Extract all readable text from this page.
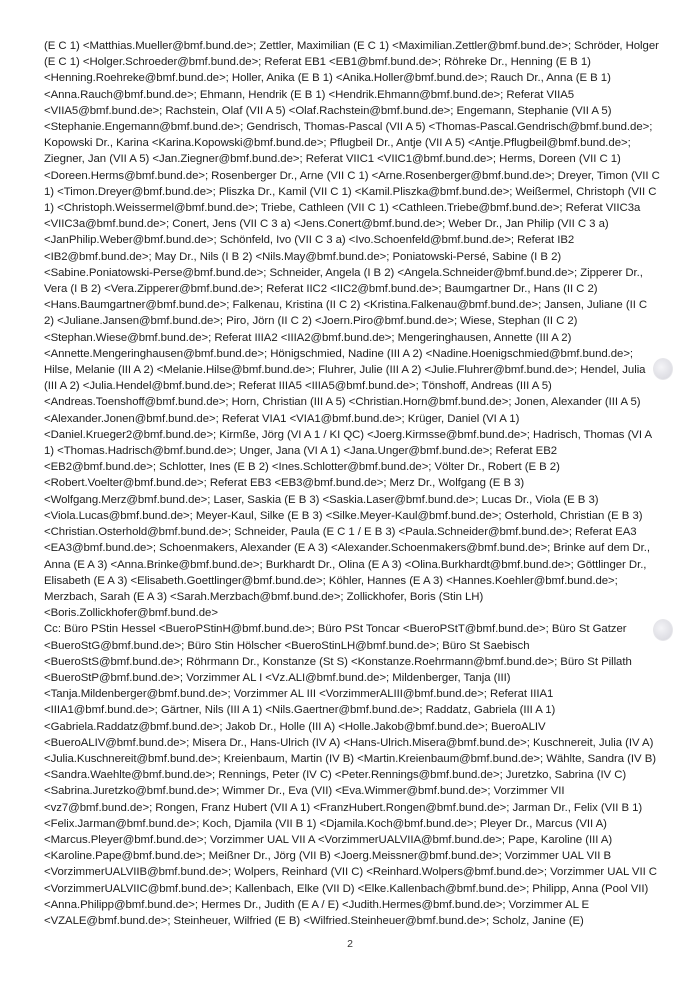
(E C 1) <Matthias.Mueller@bmf.bund.de>; Zettler, Maximilian (E C 1) <Maximilian.Zettler@bmf.bund.de>; Schröder, Holger (E C 1) <Holger.Schroeder@bmf.bund.de>; Referat EB1 <EB1@bmf.bund.de>; Röhreke Dr., Henning (E B 1) <Henning.Roehreke@bmf.bund.de>; Holler, Anika (E B 1) <Anika.Holler@bmf.bund.de>; Rauch Dr., Anna (E B 1) <Anna.Rauch@bmf.bund.de>; Ehmann, Hendrik (E B 1) <Hendrik.Ehmann@bmf.bund.de>; Referat VIIA5 <VIIA5@bmf.bund.de>; Rachstein, Olaf (VII A 5) <Olaf.Rachstein@bmf.bund.de>; Engemann, Stephanie (VII A 5) <Stephanie.Engemann@bmf.bund.de>; Gendrisch, Thomas-Pascal (VII A 5) <Thomas-Pascal.Gendrisch@bmf.bund.de>; Kopowski Dr., Karina <Karina.Kopowski@bmf.bund.de>; Pflugbeil Dr., Antje (VII A 5) <Antje.Pflugbeil@bmf.bund.de>; Ziegner, Jan (VII A 5) <Jan.Ziegner@bmf.bund.de>; Referat VIIC1 <VIIC1@bmf.bund.de>; Herms, Doreen (VII C 1) <Doreen.Herms@bmf.bund.de>; Rosenberger Dr., Arne (VII C 1) <Arne.Rosenberger@bmf.bund.de>; Dreyer, Timon (VII C 1) <Timon.Dreyer@bmf.bund.de>; Pliszka Dr., Kamil (VII C 1) <Kamil.Pliszka@bmf.bund.de>; Weißermel, Christoph (VII C 1) <Christoph.Weissermel@bmf.bund.de>; Triebe, Cathleen (VII C 1) <Cathleen.Triebe@bmf.bund.de>; Referat VIIC3a <VIIC3a@bmf.bund.de>; Conert, Jens (VII C 3 a) <Jens.Conert@bmf.bund.de>; Weber Dr., Jan Philip (VII C 3 a) <JanPhilip.Weber@bmf.bund.de>; Schönfeld, Ivo (VII C 3 a) <Ivo.Schoenfeld@bmf.bund.de>; Referat IB2 <IB2@bmf.bund.de>; May Dr., Nils (I B 2) <Nils.May@bmf.bund.de>; Poniatowski-Persé, Sabine (I B 2) <Sabine.Poniatowski-Perse@bmf.bund.de>; Schneider, Angela (I B 2) <Angela.Schneider@bmf.bund.de>; Zipperer Dr., Vera (I B 2) <Vera.Zipperer@bmf.bund.de>; Referat IIC2 <IIC2@bmf.bund.de>; Baumgartner Dr., Hans (II C 2) <Hans.Baumgartner@bmf.bund.de>; Falkenau, Kristina (II C 2) <Kristina.Falkenau@bmf.bund.de>; Jansen, Juliane (II C 2) <Juliane.Jansen@bmf.bund.de>; Piro, Jörn (II C 2) <Joern.Piro@bmf.bund.de>; Wiese, Stephan (II C 2) <Stephan.Wiese@bmf.bund.de>; Referat IIIA2 <IIIA2@bmf.bund.de>; Mengeringhausen, Annette (III A 2) <Annette.Mengeringhausen@bmf.bund.de>; Hönigschmied, Nadine (III A 2) <Nadine.Hoenigschmied@bmf.bund.de>; Hilse, Melanie (III A 2) <Melanie.Hilse@bmf.bund.de>; Fluhrer, Julie (III A 2) <Julie.Fluhrer@bmf.bund.de>; Hendel, Julia (III A 2) <Julia.Hendel@bmf.bund.de>; Referat IIIA5 <IIIA5@bmf.bund.de>; Tönshoff, Andreas (III A 5) <Andreas.Toenshoff@bmf.bund.de>; Horn, Christian (III A 5) <Christian.Horn@bmf.bund.de>; Jonen, Alexander (III A 5) <Alexander.Jonen@bmf.bund.de>; Referat VIA1 <VIA1@bmf.bund.de>; Krüger, Daniel (VI A 1) <Daniel.Krueger2@bmf.bund.de>; Kirmße, Jörg (VI A 1 / KI QC) <Joerg.Kirmsse@bmf.bund.de>; Hadrisch, Thomas (VI A 1) <Thomas.Hadrisch@bmf.bund.de>; Unger, Jana (VI A 1) <Jana.Unger@bmf.bund.de>; Referat EB2 <EB2@bmf.bund.de>; Schlotter, Ines (E B 2) <Ines.Schlotter@bmf.bund.de>; Völter Dr., Robert (E B 2) <Robert.Voelter@bmf.bund.de>; Referat EB3 <EB3@bmf.bund.de>; Merz Dr., Wolfgang (E B 3) <Wolfgang.Merz@bmf.bund.de>; Laser, Saskia (E B 3) <Saskia.Laser@bmf.bund.de>; Lucas Dr., Viola (E B 3) <Viola.Lucas@bmf.bund.de>; Meyer-Kaul, Silke (E B 3) <Silke.Meyer-Kaul@bmf.bund.de>; Osterhold, Christian (E B 3) <Christian.Osterhold@bmf.bund.de>; Schneider, Paula (E C 1 / E B 3) <Paula.Schneider@bmf.bund.de>; Referat EA3 <EA3@bmf.bund.de>; Schoenmakers, Alexander (E A 3) <Alexander.Schoenmakers@bmf.bund.de>; Brinke auf dem Dr., Anna (E A 3) <Anna.Brinke@bmf.bund.de>; Burkhardt Dr., Olina (E A 3) <Olina.Burkhardt@bmf.bund.de>; Göttlinger Dr., Elisabeth (E A 3) <Elisabeth.Goettlinger@bmf.bund.de>; Köhler, Hannes (E A 3) <Hannes.Koehler@bmf.bund.de>; Merzbach, Sarah (E A 3) <Sarah.Merzbach@bmf.bund.de>; Zollickhofer, Boris (Stin LH) <Boris.Zollickhofer@bmf.bund.de>

Cc: Büro PStin Hessel <BueroPStinH@bmf.bund.de>; Büro PSt Toncar <BueroPStT@bmf.bund.de>; Büro St Gatzer <BueroStG@bmf.bund.de>; Büro Stin Hölscher <BueroStinLH@bmf.bund.de>; Büro St Saebisch <BueroStS@bmf.bund.de>; Röhrmann Dr., Konstanze (St S) <Konstanze.Roehrmann@bmf.bund.de>; Büro St Pillath <BueroStP@bmf.bund.de>; Vorzimmer AL I <Vz.ALI@bmf.bund.de>; Mildenberger, Tanja (III) <Tanja.Mildenberger@bmf.bund.de>; Vorzimmer AL III <VorzimmerALIII@bmf.bund.de>; Referat IIIA1 <IIIA1@bmf.bund.de>; Gärtner, Nils (III A 1) <Nils.Gaertner@bmf.bund.de>; Raddatz, Gabriela (III A 1) <Gabriela.Raddatz@bmf.bund.de>; Jakob Dr., Holle (III A) <Holle.Jakob@bmf.bund.de>; BueroALIV <BueroALIV@bmf.bund.de>; Misera Dr., Hans-Ulrich (IV A) <Hans-Ulrich.Misera@bmf.bund.de>; Kuschnereit, Julia (IV A) <Julia.Kuschnereit@bmf.bund.de>; Kreienbaum, Martin (IV B) <Martin.Kreienbaum@bmf.bund.de>; Wählte, Sandra (IV B) <Sandra.Waehlte@bmf.bund.de>; Rennings, Peter (IV C) <Peter.Rennings@bmf.bund.de>; Juretzko, Sabrina (IV C) <Sabrina.Juretzko@bmf.bund.de>; Wimmer Dr., Eva (VII) <Eva.Wimmer@bmf.bund.de>; Vorzimmer VII <vz7@bmf.bund.de>; Rongen, Franz Hubert (VII A 1) <FranzHubert.Rongen@bmf.bund.de>; Jarman Dr., Felix (VII B 1) <Felix.Jarman@bmf.bund.de>; Koch, Djamila (VII B 1) <Djamila.Koch@bmf.bund.de>; Pleyer Dr., Marcus (VII A) <Marcus.Pleyer@bmf.bund.de>; Vorzimmer UAL VII A <VorzimmerUALVIIA@bmf.bund.de>; Pape, Karoline (III A) <Karoline.Pape@bmf.bund.de>; Meißner Dr., Jörg (VII B) <Joerg.Meissner@bmf.bund.de>; Vorzimmer UAL VII B <VorzimmerUALVIIB@bmf.bund.de>; Wolpers, Reinhard (VII C) <Reinhard.Wolpers@bmf.bund.de>; Vorzimmer UAL VII C <VorzimmerUALVIIC@bmf.bund.de>; Kallenbach, Elke (VII D) <Elke.Kallenbach@bmf.bund.de>; Philipp, Anna (Pool VII) <Anna.Philipp@bmf.bund.de>; Hermes Dr., Judith (E A / E) <Judith.Hermes@bmf.bund.de>; Vorzimmer AL E <VZALE@bmf.bund.de>; Steinheuer, Wilfried (E B) <Wilfried.Steinheuer@bmf.bund.de>; Scholz, Janine (E)

2
